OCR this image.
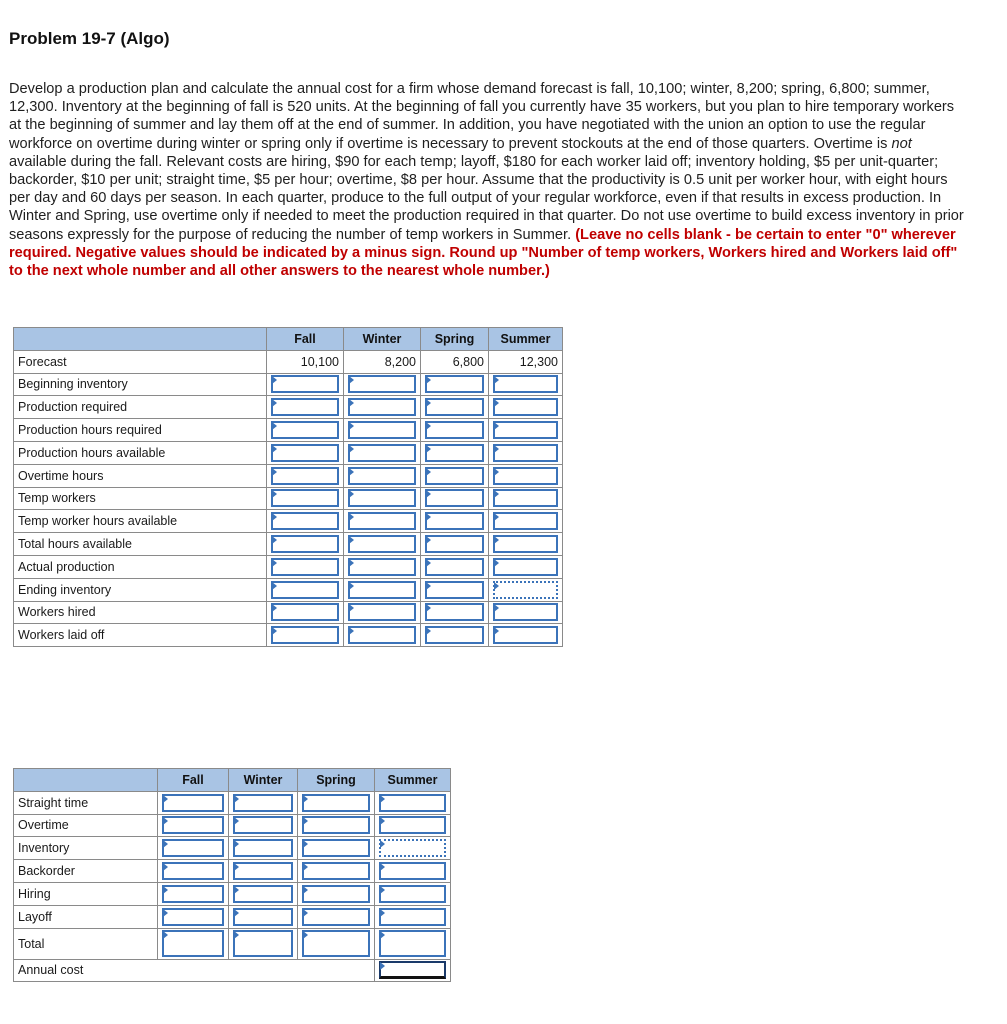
Problem 19-7 (Algo)
Develop a production plan and calculate the annual cost for a firm whose demand forecast is fall, 10,100; winter, 8,200; spring, 6,800; summer, 12,300. Inventory at the beginning of fall is 520 units. At the beginning of fall you currently have 35 workers, but you plan to hire temporary workers at the beginning of summer and lay them off at the end of summer. In addition, you have negotiated with the union an option to use the regular workforce on overtime during winter or spring only if overtime is necessary to prevent stockouts at the end of those quarters. Overtime is not available during the fall. Relevant costs are hiring, $90 for each temp; layoff, $180 for each worker laid off; inventory holding, $5 per unit-quarter; backorder, $10 per unit; straight time, $5 per hour; overtime, $8 per hour. Assume that the productivity is 0.5 unit per worker hour, with eight hours per day and 60 days per season. In each quarter, produce to the full output of your regular workforce, even if that results in excess production. In Winter and Spring, use overtime only if needed to meet the production required in that quarter. Do not use overtime to build excess inventory in prior seasons expressly for the purpose of reducing the number of temp workers in Summer. (Leave no cells blank - be certain to enter "0" wherever required. Negative values should be indicated by a minus sign. Round up "Number of temp workers, Workers hired and Workers laid off" to the next whole number and all other answers to the nearest whole number.)
	Fall	Winter	Spring	Summer
Forecast	10,100	8,200	6,800	12,300
Beginning inventory	

Production required	

Production hours required	

Production hours available	

Overtime hours	

Temp workers	

Temp worker hours available	

Total hours available	

Actual production	

Ending inventory	

Workers hired	

Workers laid off	

	Fall	Winter	Spring	Summer
Straight time	

Overtime	

Inventory	

Backorder	

Hiring	

Layoff	

Total	

Annual cost				
